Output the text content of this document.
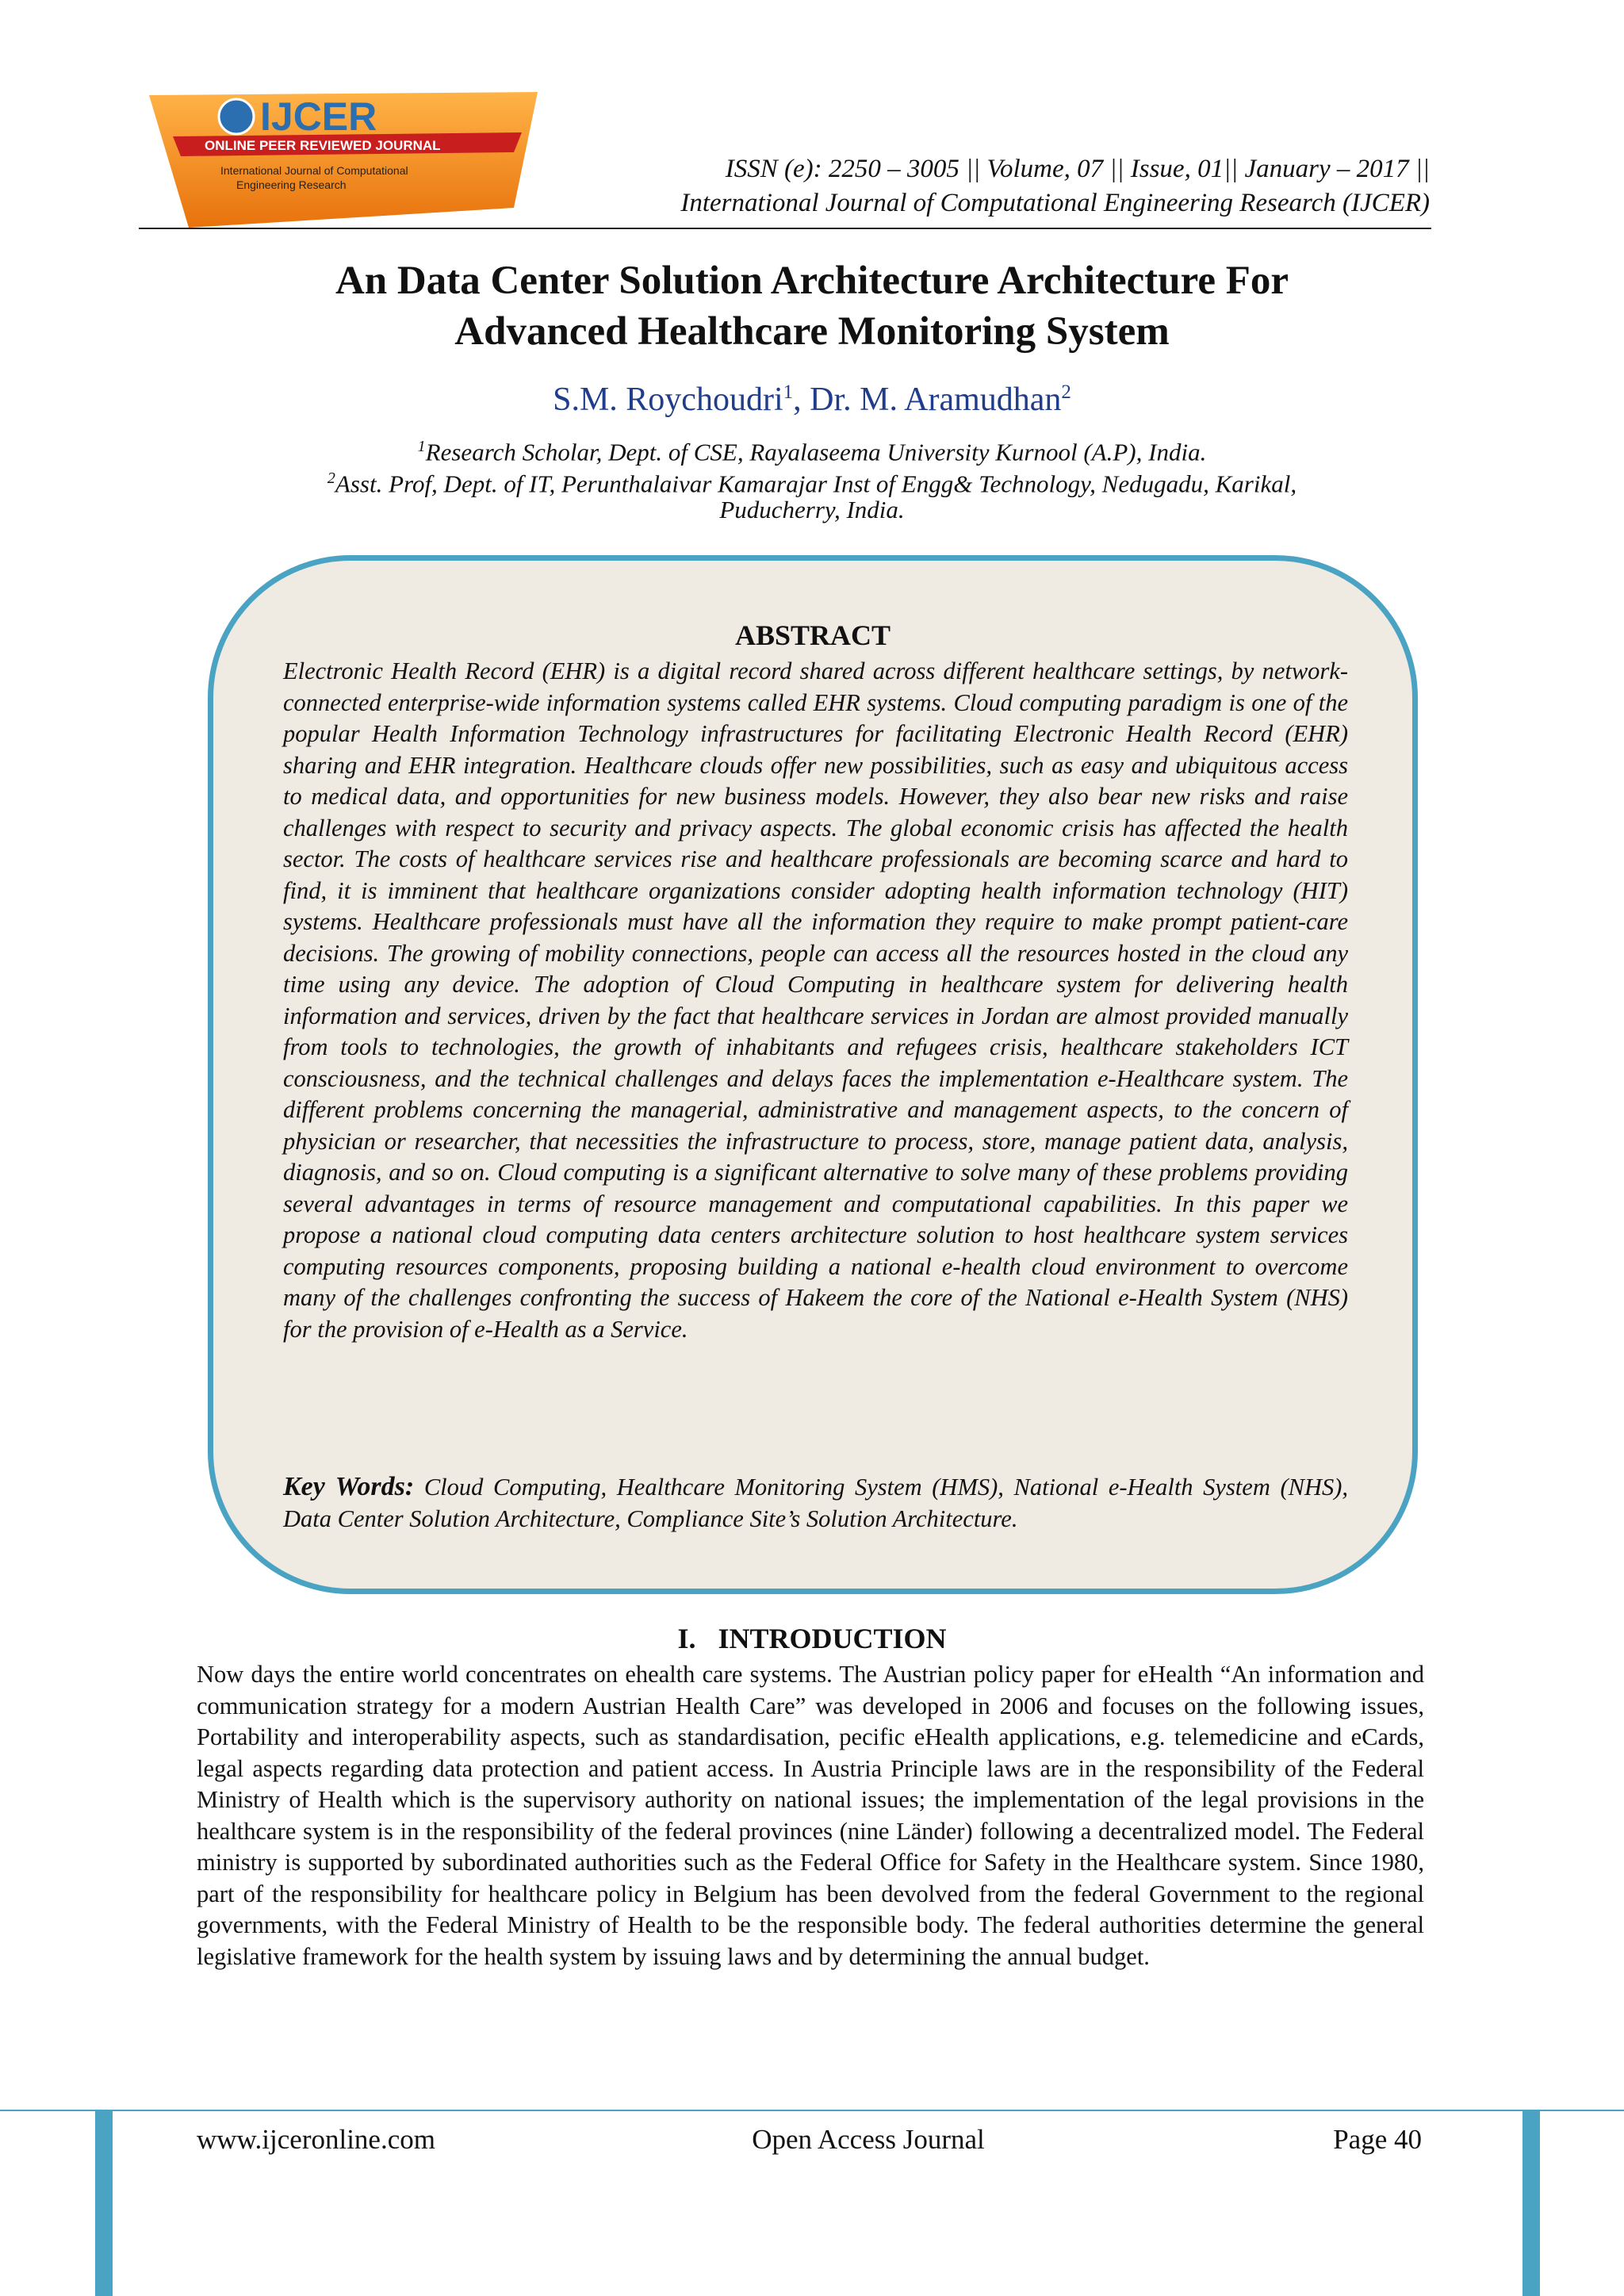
IJCER
ONLINE PEER REVIEWED JOURNAL
International Journal of Computational
Engineering Research
ISSN (e): 2250 – 3005 || Volume, 07 || Issue, 01|| January – 2017 ||
International Journal of Computational Engineering Research (IJCER)
An Data Center Solution Architecture Architecture For
Advanced Healthcare Monitoring System
S.M. Roychoudri$^1$, Dr. M. Aramudhan$^2$
$^1$Research Scholar, Dept. of CSE, Rayalaseema University Kurnool (A.P), India.
$^2$Asst. Prof, Dept. of IT, Perunthalaivar Kamarajar Inst of Engg& Technology, Nedugadu, Karikal,
Puducherry, India.
ABSTRACT
Electronic Health Record (EHR) is a digital record shared across different healthcare settings, by network-connected enterprise-wide information systems called EHR systems. Cloud computing paradigm is one of the popular Health Information Technology infrastructures for facilitating Electronic Health Record (EHR) sharing and EHR integration. Healthcare clouds offer new possibilities, such as easy and ubiquitous access to medical data, and opportunities for new business models. However, they also bear new risks and raise challenges with respect to security and privacy aspects. The global economic crisis has affected the health sector. The costs of healthcare services rise and healthcare professionals are becoming scarce and hard to find, it is imminent that healthcare organizations consider adopting health information technology (HIT) systems. Healthcare professionals must have all the information they require to make prompt patient-care decisions. The growing of mobility connections, people can access all the resources hosted in the cloud any time using any device. The adoption of Cloud Computing in healthcare system for delivering health information and services, driven by the fact that healthcare services in Jordan are almost provided manually from tools to technologies, the growth of inhabitants and refugees crisis, healthcare stakeholders ICT consciousness, and the technical challenges and delays faces the implementation e-Healthcare system. The different problems concerning the managerial, administrative and management aspects, to the concern of physician or researcher, that necessities the infrastructure to process, store, manage patient data, analysis, diagnosis, and so on. Cloud computing is a significant alternative to solve many of these problems providing several advantages in terms of resource management and computational capabilities. In this paper we propose a national cloud computing data centers architecture solution to host healthcare system services computing resources components, proposing building a national e-health cloud environment to overcome many of the challenges confronting the success of Hakeem the core of the National e-Health System (NHS) for the provision of e-Health as a Service.
Key Words: Cloud Computing, Healthcare Monitoring System (HMS), National e-Health System (NHS), Data Center Solution Architecture, Compliance Site’s Solution Architecture.
I. INTRODUCTION
Now days the entire world concentrates on ehealth care systems. The Austrian policy paper for eHealth “An information and communication strategy for a modern Austrian Health Care” was developed in 2006 and focuses on the following issues, Portability and interoperability aspects, such as standardisation, pecific eHealth applications, e.g. telemedicine and eCards, legal aspects regarding data protection and patient access. In Austria Principle laws are in the responsibility of the Federal Ministry of Health which is the supervisory authority on national issues; the implementation of the legal provisions in the healthcare system is in the responsibility of the federal provinces (nine Länder) following a decentralized model. The Federal ministry is supported by subordinated authorities such as the Federal Office for Safety in the Healthcare system. Since 1980, part of the responsibility for healthcare policy in Belgium has been devolved from the federal Government to the regional governments, with the Federal Ministry of Health to be the responsible body. The federal authorities determine the general legislative framework for the health system by issuing laws and by determining the annual budget.
www.ijceronline.com	Open Access Journal	Page 40
